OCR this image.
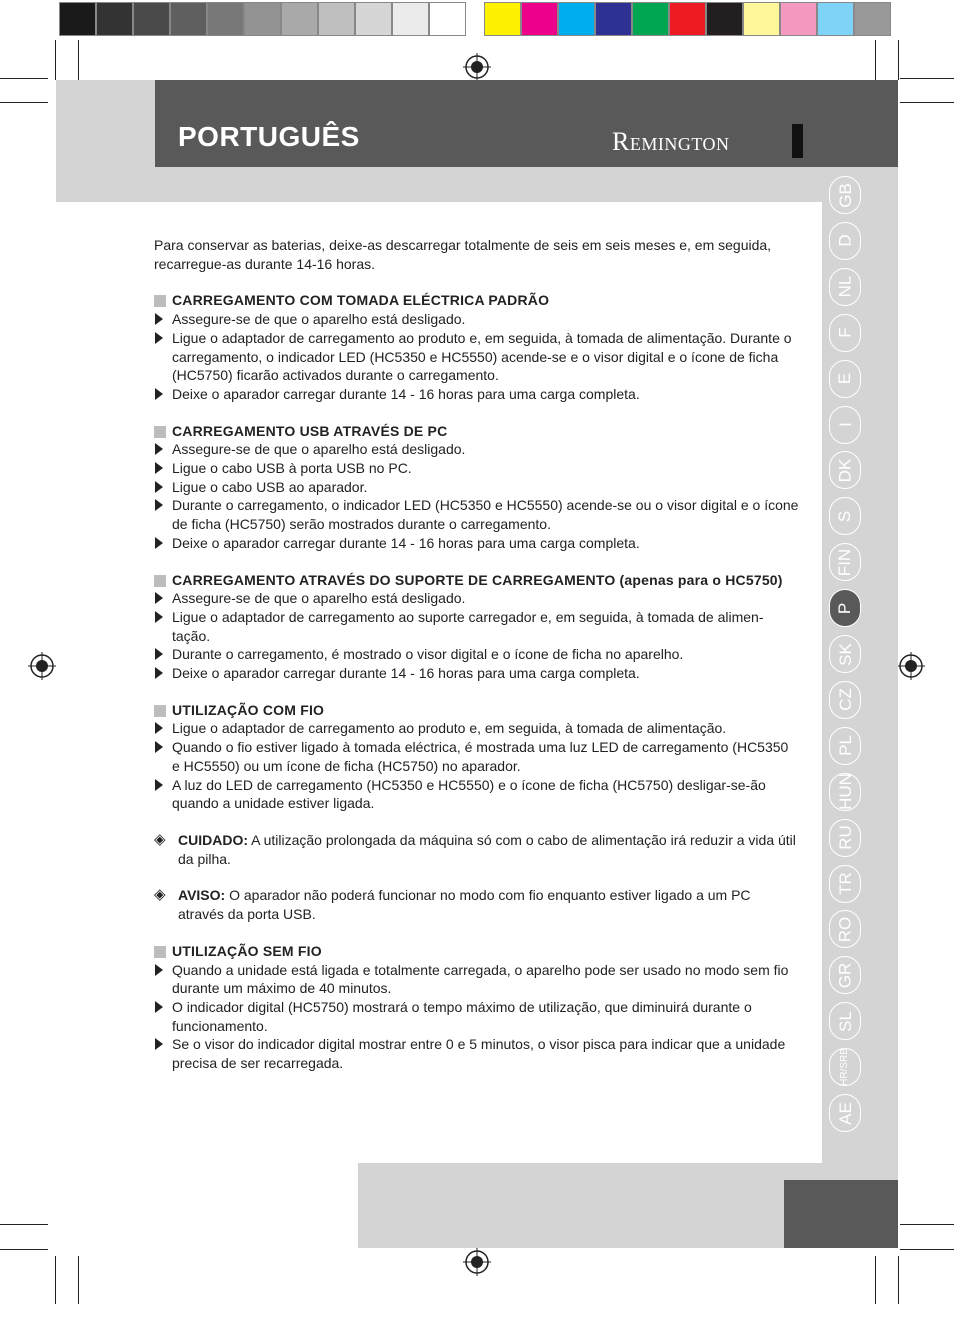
PORTUGUÊS	Remington
GB
D
NL
F
E
I
DK
S
FIN
P
SK
CZ
PL
HUN
RU
TR
RO
GR
SL
HR/SRB
AE

Para conservar as baterias, deixe-as descarregar totalmente de seis em seis meses e, em seguida, recarregue-as durante 14-16 horas.

CARREGAMENTO COM TOMADA ELÉCTRICA PADRÃO

Assegure-se de que o aparelho está desligado.

Ligue o adaptador de carregamento ao produto e, em seguida, à tomada de alimentação. Durante o carregamento, o indicador LED (HC5350 e HC5550) acende-se e o visor digital e o ícone de ficha (HC5750) ficarão activados durante o carregamento.

Deixe o aparador carregar durante 14 - 16 horas para uma carga completa.

CARREGAMENTO USB ATRAVÉS DE PC

Assegure-se de que o aparelho está desligado.

Ligue o cabo USB à porta USB no PC.

Ligue o cabo USB ao aparador.

Durante o carregamento, o indicador LED (HC5350 e HC5550) acende-se ou o visor digital e o ícone de ficha (HC5750) serão mostrados durante o carregamento.

Deixe o aparador carregar durante 14 - 16 horas para uma carga completa.

CARREGAMENTO ATRAVÉS DO SUPORTE DE CARREGAMENTO (apenas para o HC5750)

Assegure-se de que o aparelho está desligado.

Ligue o adaptador de carregamento ao suporte carregador e, em seguida, à tomada de alimen-tação.

Durante o carregamento, é mostrado o visor digital e o ícone de ficha no aparelho.

Deixe o aparador carregar durante 14 - 16 horas para uma carga completa.

UTILIZAÇÃO COM FIO

Ligue o adaptador de carregamento ao produto e, em seguida, à tomada de alimentação.

Quando o fio estiver ligado à tomada eléctrica, é mostrada uma luz LED de carregamento (HC5350 e HC5550) ou um ícone de ficha (HC5750) no aparador.

A luz do LED de carregamento (HC5350 e HC5550) e o ícone de ficha (HC5750) desligar-se-ão quando a unidade estiver ligada.

◈ CUIDADO: A utilização prolongada da máquina só com o cabo de alimentação irá reduzir a vida útil da pilha.
◈ AVISO: O aparador não poderá funcionar no modo com fio enquanto estiver ligado a um PC através da porta USB.

UTILIZAÇÃO SEM FIO

Quando a unidade está ligada e totalmente carregada, o aparelho pode ser usado no modo sem fio durante um máximo de 40 minutos.

O indicador digital (HC5750) mostrará o tempo máximo de utilização, que diminuirá durante o funcionamento.

Se o visor do indicador digital mostrar entre 0 e 5 minutos, o visor pisca para indicar que a unidade precisa de ser recarregada.
